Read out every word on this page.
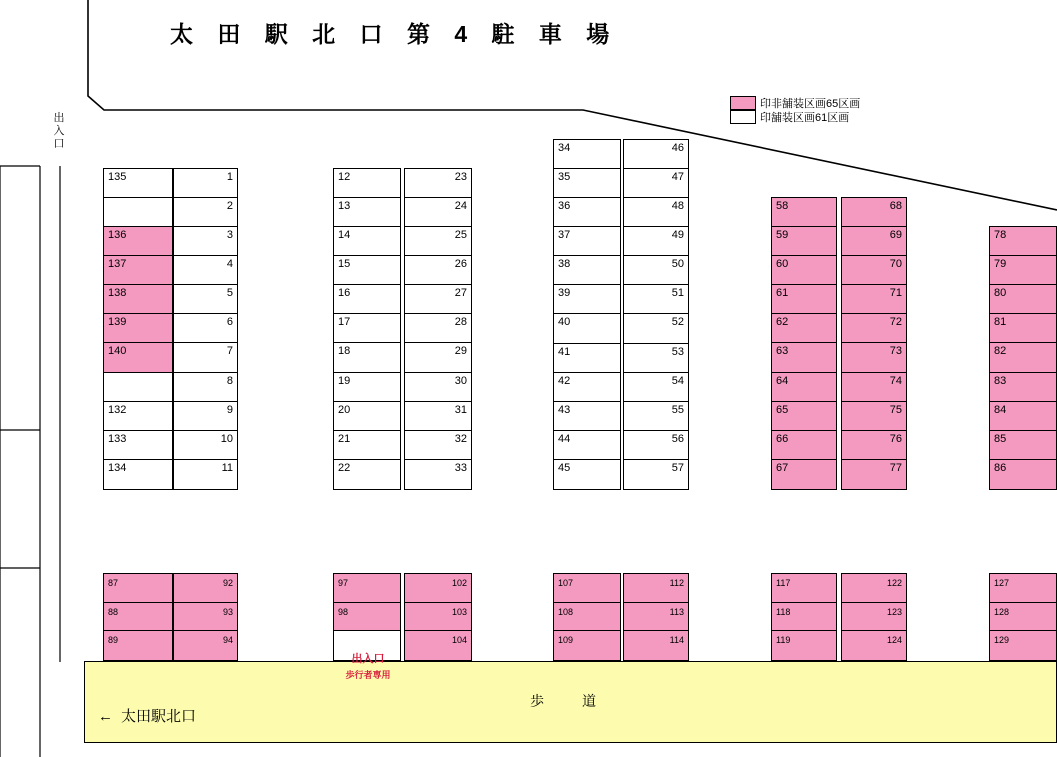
太 田 駅 北 口 第 4 駐 車 場
出入口
印非舗装区画65区画
印舗装区画61区画
135
136
137
138
139
140
132
133
134
1
2
3
4
5
6
7
8
9
10
11
12
13
14
15
16
17
18
19
20
21
22
23
24
25
26
27
28
29
30
31
32
33
34
35
36
37
38
39
40
41
42
43
44
45
46
47
48
49
50
51
52
53
54
55
56
57
58
59
60
61
62
63
64
65
66
67
68
69
70
71
72
73
74
75
76
77
78
79
80
81
82
83
84
85
86
87
88
89
92
93
94
97
98
102
103
104
107
108
109
112
113
114
117
118
119
122
123
124
127
128
129
歩　道
← 太田駅北口
出入口
歩行者専用
